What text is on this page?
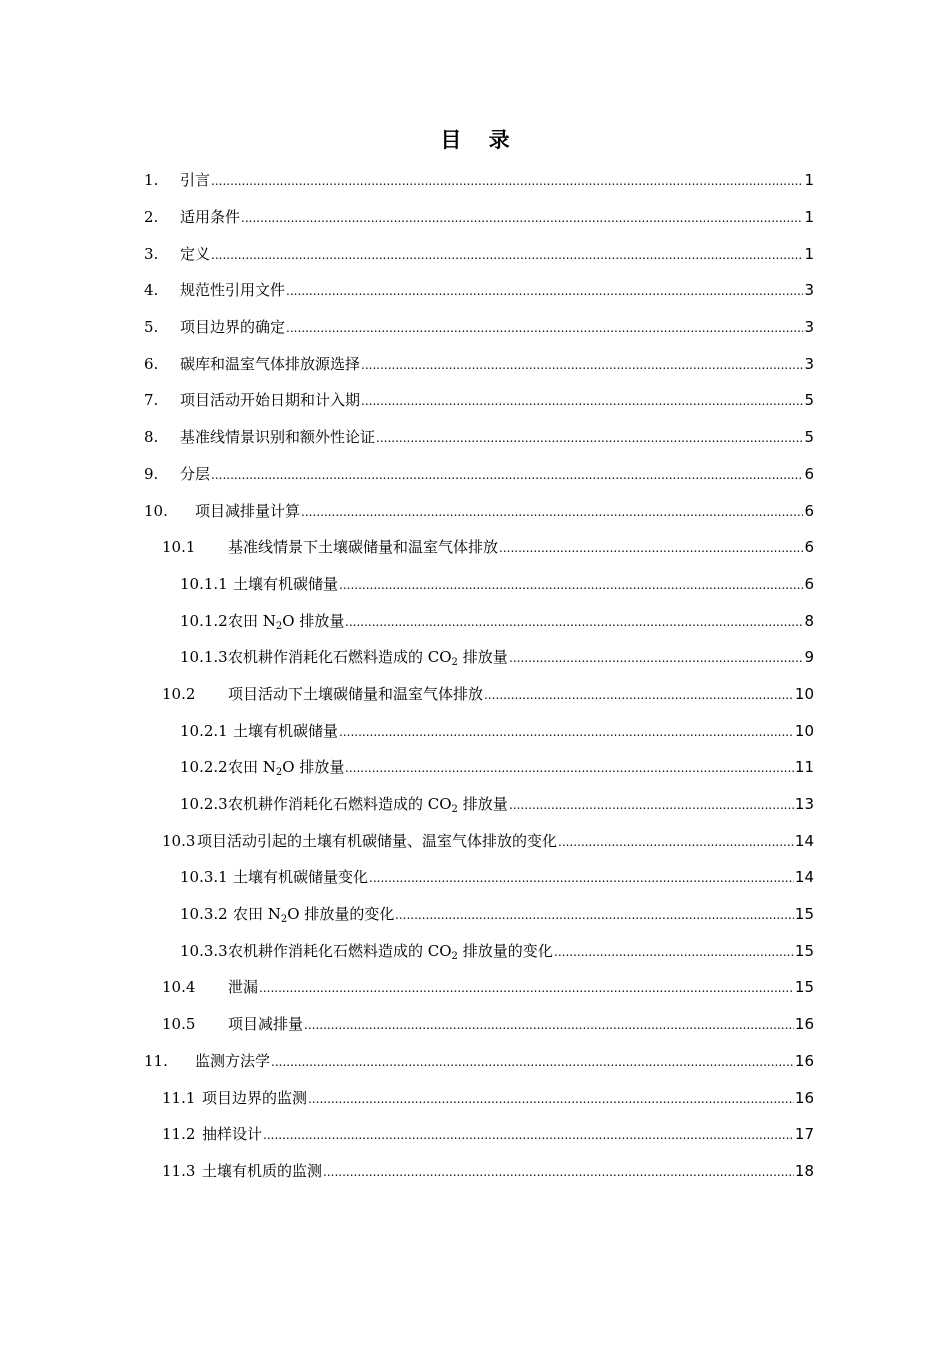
目 录
1. ..... 引言	1
2. ..... 适用条件	1
3. ..... 定义	1
4. ..... 规范性引用文件	3
5. ..... 项目边界的确定	3
6. ..... 碳库和温室气体排放源选择	3
7. ..... 项目活动开始日期和计入期	5
8. ..... 基准线情景识别和额外性论证	5
9. ..... 分层	6
10. ..... 项目减排量计算	6
10.1 ..... 基准线情景下土壤碳储量和温室气体排放	6
10.1.1 ..... 土壤有机碳储量	6
10.1.2 ..... 农田 $N_2O$ 排放量	8
10.1.3 ..... 农机耕作消耗化石燃料造成的 $CO_2$ 排放量	9
10.2 ..... 项目活动下土壤碳储量和温室气体排放	10
10.2.1 ..... 土壤有机碳储量	10
10.2.2 ..... 农田 $N_2O$ 排放量	11
10.2.3 ..... 农机耕作消耗化石燃料造成的 $CO_2$ 排放量	13
10.3 ..... 项目活动引起的土壤有机碳储量、温室气体排放的变化	14
10.3.1 ..... 土壤有机碳储量变化	14
10.3.2 ..... 农田 $N_2O$ 排放量的变化	15
10.3.3 ..... 农机耕作消耗化石燃料造成的 $CO_2$ 排放量的变化	15
10.4 ..... 泄漏	15
10.5 ..... 项目减排量	16
11. ..... 监测方法学	16
11.1 ..... 项目边界的监测	16
11.2 ..... 抽样设计	17
11.3 ..... 土壤有机质的监测	18
